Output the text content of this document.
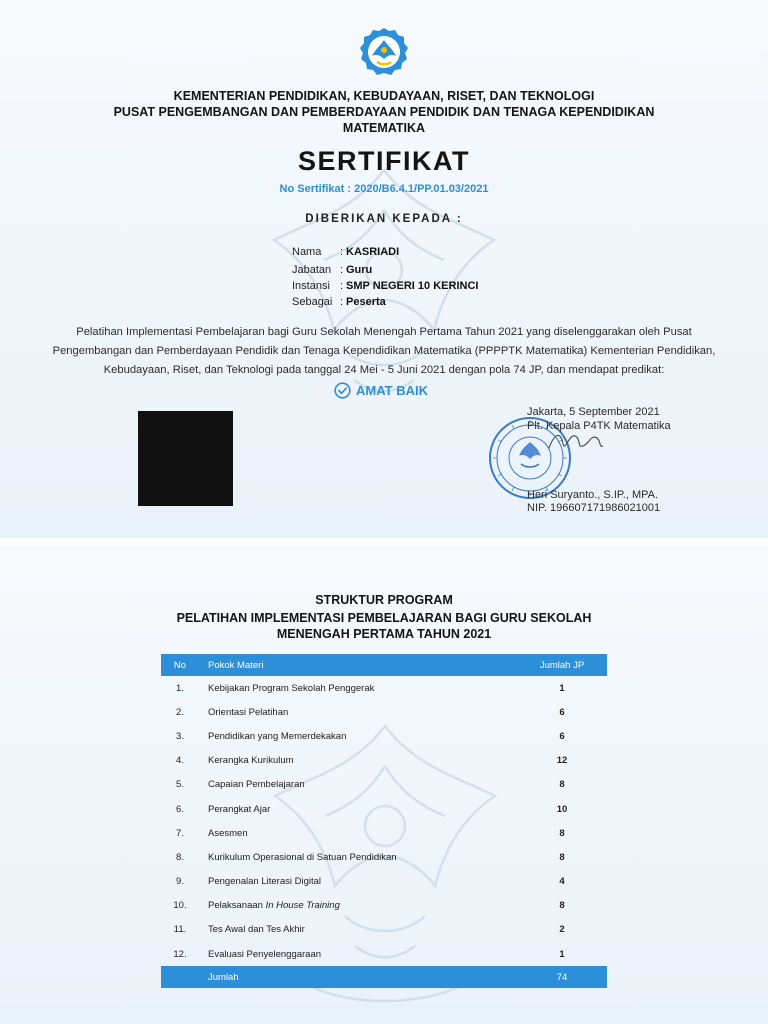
KEMENTERIAN PENDIDIKAN, KEBUDAYAAN, RISET, DAN TEKNOLOGI
PUSAT PENGEMBANGAN DAN PEMBERDAYAAN PENDIDIK DAN TENAGA KEPENDIDIKAN
MATEMATIKA
SERTIFIKAT
No Sertifikat : 2020/B6.4.1/PP.01.03/2021
DIBERIKAN KEPADA :
Nama	: KASRIADI
Jabatan : Guru
Instansi : SMP NEGERI 10 KERINCI
Sebagai : Peserta
Pelatihan Implementasi Pembelajaran bagi Guru Sekolah Menengah Pertama Tahun 2021 yang diselenggarakan oleh Pusat Pengembangan dan Pemberdayaan Pendidik dan Tenaga Kependidikan Matematika (PPPPTK Matematika) Kementerian Pendidikan, Kebudayaan, Riset, dan Teknologi pada tanggal 24 Mei - 5 Juni 2021 dengan pola 74 JP, dan mendapat predikat:
AMAT BAIK
Jakarta, 5 September 2021
Plt. Kepala P4TK Matematika
Heri Suryanto., S.IP., MPA.
NIP. 196607171986021001
STRUKTUR PROGRAM
PELATIHAN IMPLEMENTASI PEMBELAJARAN BAGI GURU SEKOLAH
MENENGAH PERTAMA TAHUN 2021
No	Pokok Materi	Jumlah JP
1.	Kebijakan Program Sekolah Penggerak	1
2.	Orientasi Pelatihan	6
3.	Pendidikan yang Memerdekakan	6
4.	Kerangka Kurikulum	12
5.	Capaian Pembelajaran	8
6.	Perangkat Ajar	10
7.	Asesmen	8
8.	Kurikulum Operasional di Satuan Pendidikan	8
9.	Pengenalan Literasi Digital	4
10.	Pelaksanaan In House Training	8
11.	Tes Awal dan Tes Akhir	2
12.	Evaluasi Penyelenggaraan	1
	Jumlah	74
